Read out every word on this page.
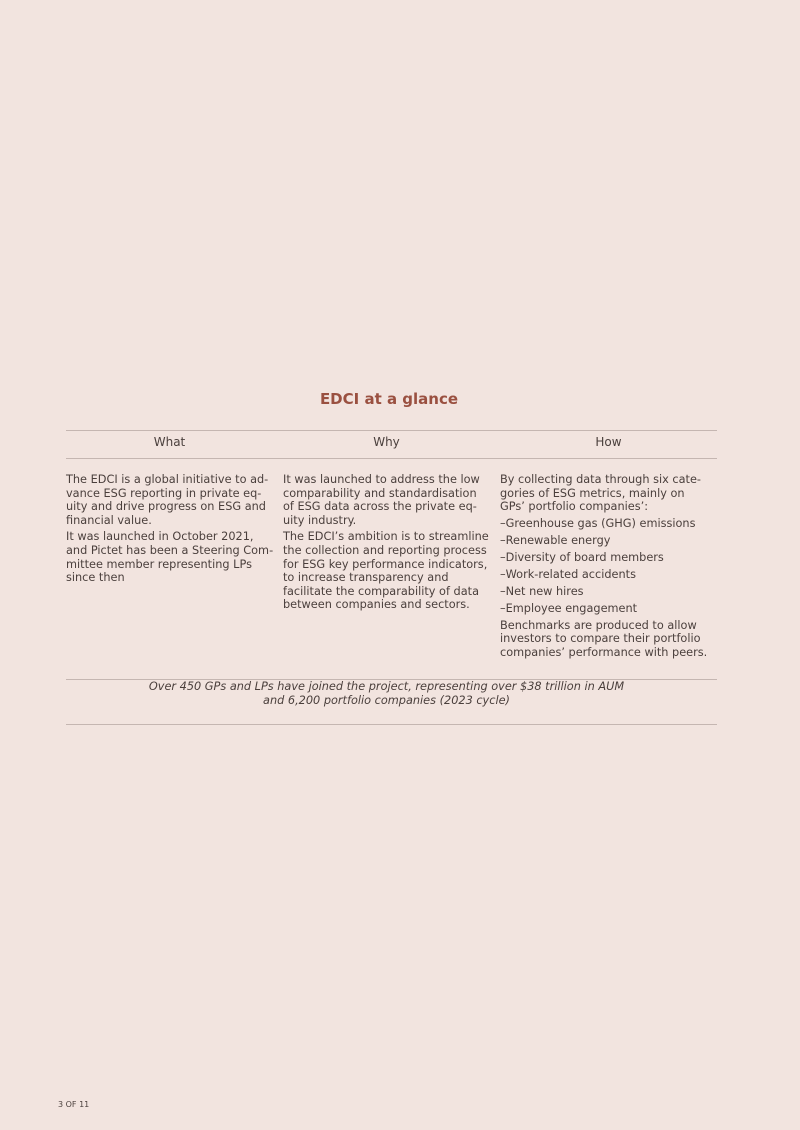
EDCI at a glance
What	Why	How

The EDCI is a global initiative to advance ESG reporting in private equity and drive progress on ESG and financial value.

It was launched in October 2021, and Pictet has been a Steering Committee member representing LPs since then

It was launched to address the low comparability and standardisation of ESG data across the private equity industry.

The EDCI’s ambition is to streamline the collection and reporting process for ESG key performance indicators, to increase transparency and facilitate the comparability of data between companies and sectors.

By collecting data through six categories of ESG metrics, mainly on GPs’ portfolio companies’:

–Greenhouse gas (GHG) emissions
–Renewable energy
–Diversity of board members
–Work-related accidents
–Net new hires
–Employee engagement

Benchmarks are produced to allow investors to compare their portfolio companies’ performance with peers.

Over 450 GPs and LPs have joined the project, representing over $38 trillion in AUM
and 6,200 portfolio companies (2023 cycle)
3 OF 11
